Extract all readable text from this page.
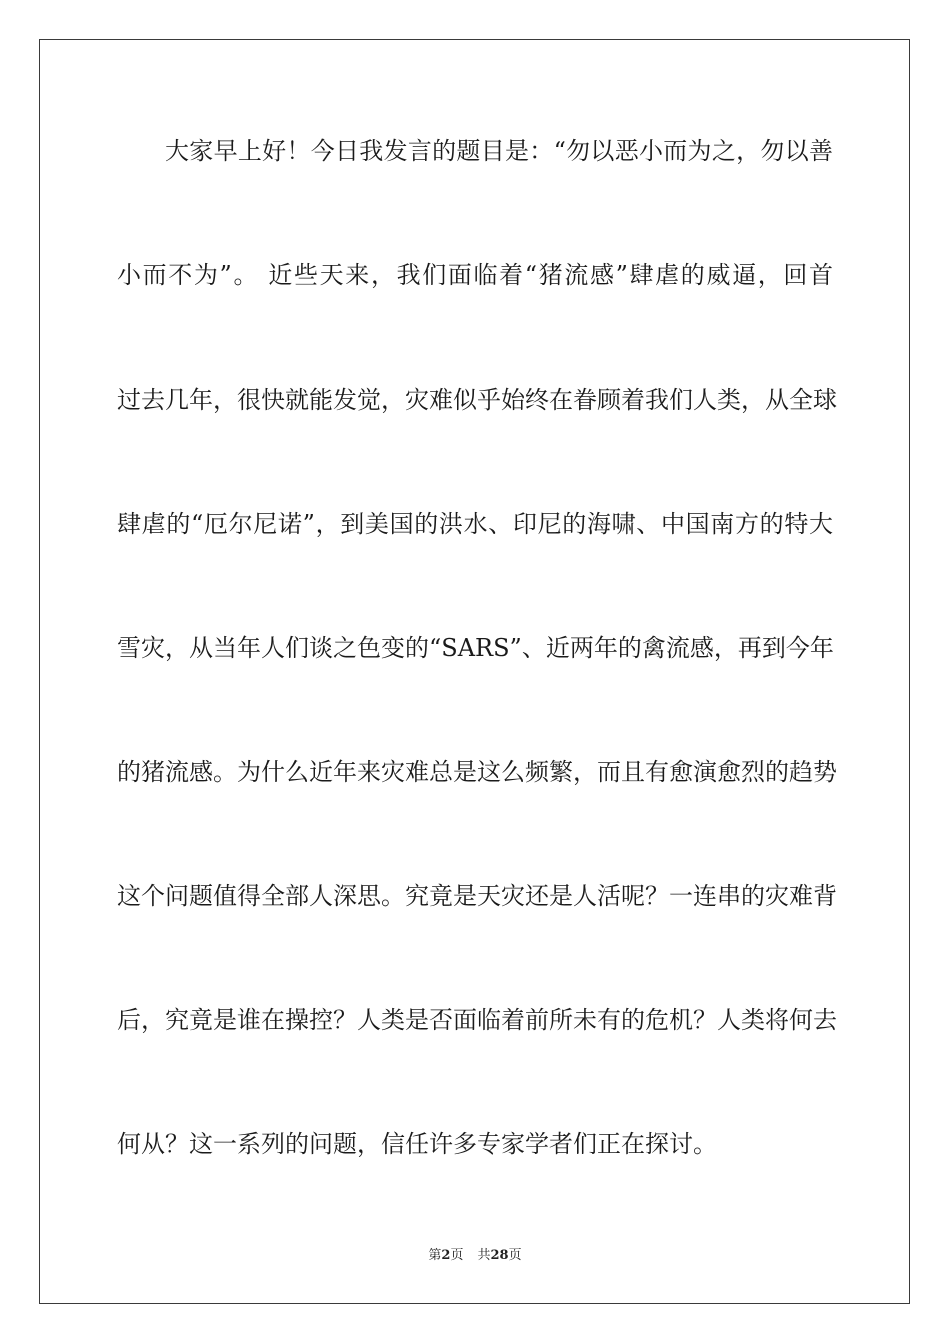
大家早上好！今日我发言的题目是：“勿以恶小而为之，勿以善
小而不为”。 近些天来，我们面临着“猪流感”肆虐的威逼，回首
过去几年，很快就能发觉，灾难似乎始终在眷顾着我们人类，从全球
肆虐的“厄尔尼诺”，到美国的洪水、印尼的海啸、中国南方的特大
雪灾，从当年人们谈之色变的“SARS”、近两年的禽流感，再到今年
的猪流感。为什么近年来灾难总是这么频繁，而且有愈演愈烈的趋势
这个问题值得全部人深思。究竟是天灾还是人活呢？一连串的灾难背
后，究竟是谁在操控？人类是否面临着前所未有的危机？人类将何去
何从？这一系列的问题，信任许多专家学者们正在探讨。
第2页 共28页
